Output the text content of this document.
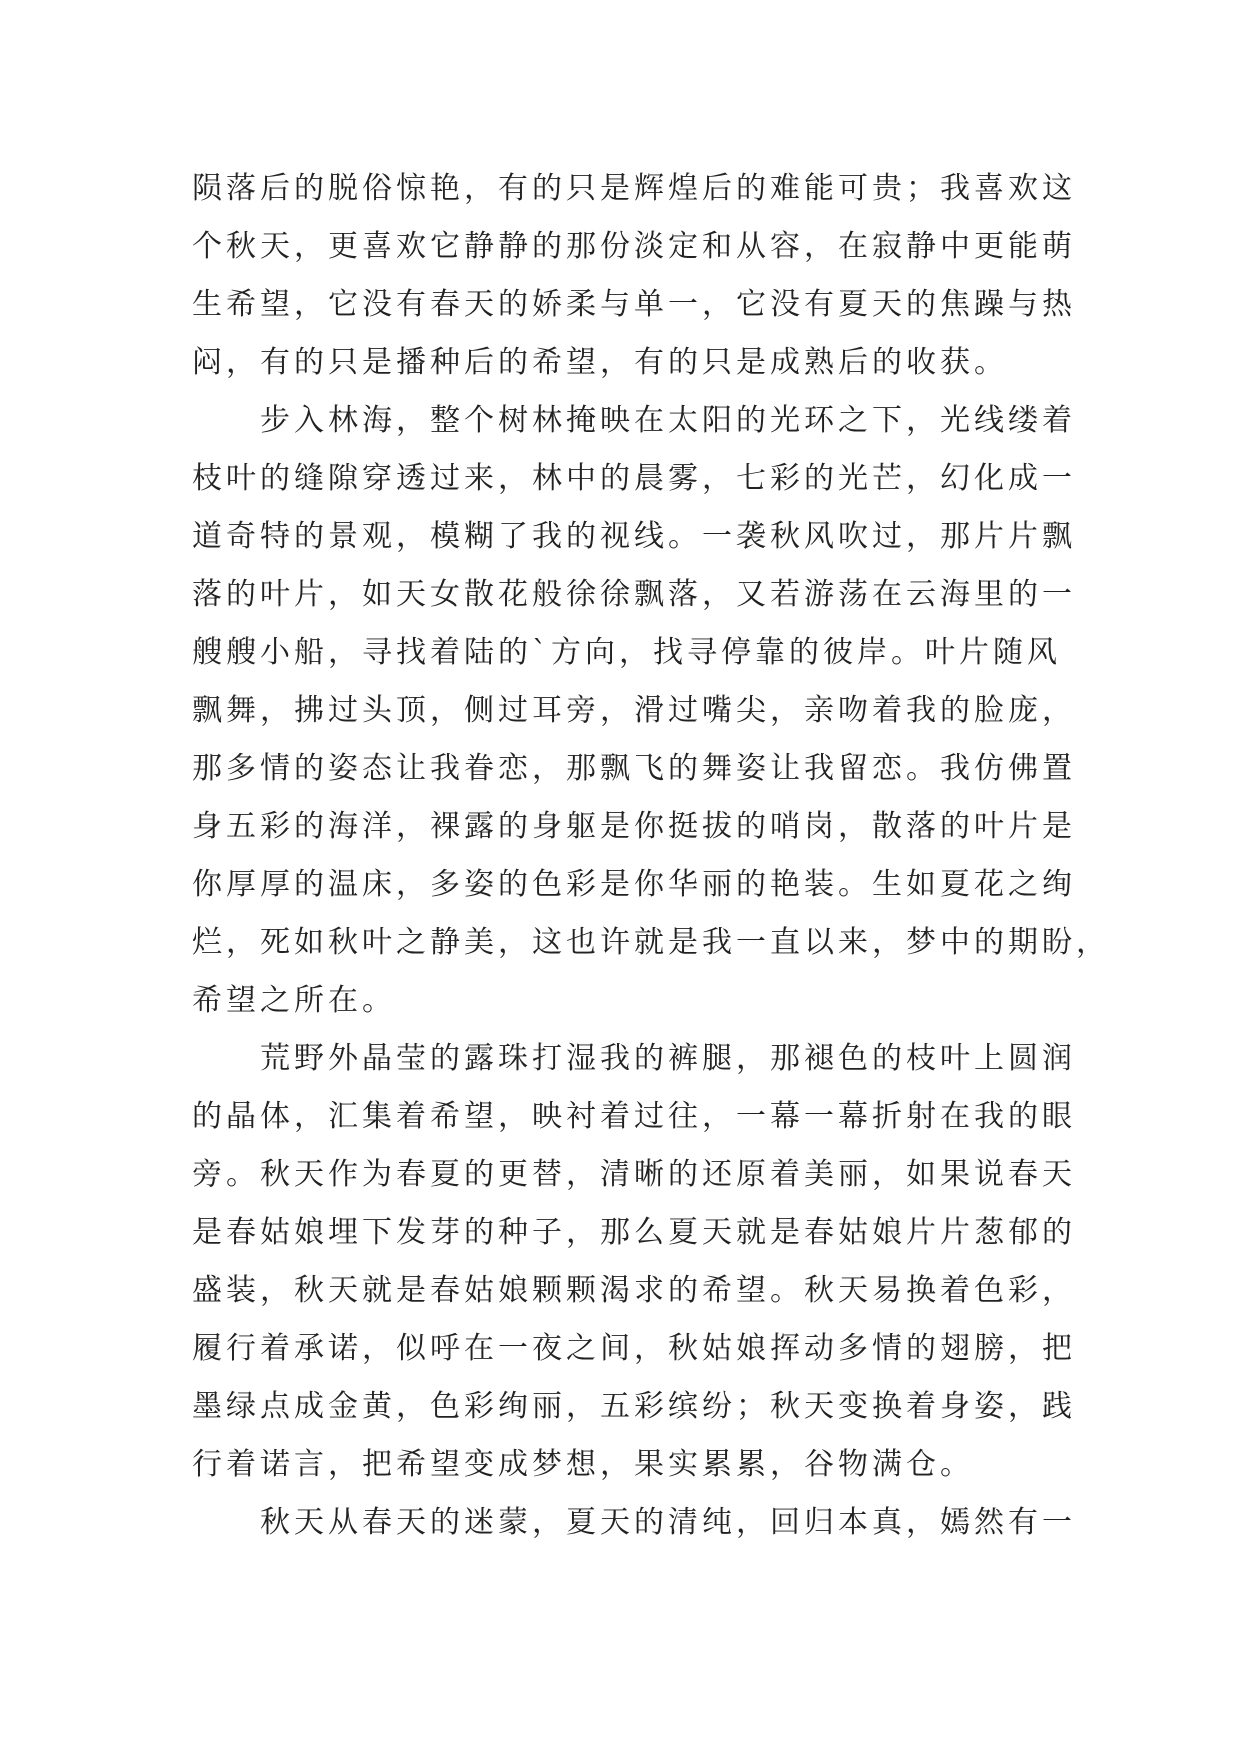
陨落后的脱俗惊艳，有的只是辉煌后的难能可贵；我喜欢这
个秋天，更喜欢它静静的那份淡定和从容，在寂静中更能萌
生希望，它没有春天的娇柔与单一，它没有夏天的焦躁与热
闷，有的只是播种后的希望，有的只是成熟后的收获。
步入林海，整个树林掩映在太阳的光环之下，光线缕着
枝叶的缝隙穿透过来，林中的晨雾，七彩的光芒，幻化成一
道奇特的景观，模糊了我的视线。一袭秋风吹过，那片片飘
落的叶片，如天女散花般徐徐飘落，又若游荡在云海里的一
艘艘小船，寻找着陆的`方向，找寻停靠的彼岸。叶片随风
飘舞，拂过头顶，侧过耳旁，滑过嘴尖，亲吻着我的脸庞，
那多情的姿态让我眷恋，那飘飞的舞姿让我留恋。我仿佛置
身五彩的海洋，裸露的身躯是你挺拔的哨岗，散落的叶片是
你厚厚的温床，多姿的色彩是你华丽的艳装。生如夏花之绚
烂，死如秋叶之静美，这也许就是我一直以来，梦中的期盼，
希望之所在。
荒野外晶莹的露珠打湿我的裤腿，那褪色的枝叶上圆润
的晶体，汇集着希望，映衬着过往，一幕一幕折射在我的眼
旁。秋天作为春夏的更替，清晰的还原着美丽，如果说春天
是春姑娘埋下发芽的种子，那么夏天就是春姑娘片片葱郁的
盛装，秋天就是春姑娘颗颗渴求的希望。秋天易换着色彩，
履行着承诺，似呼在一夜之间，秋姑娘挥动多情的翅膀，把
墨绿点成金黄，色彩绚丽，五彩缤纷；秋天变换着身姿，践
行着诺言，把希望变成梦想，果实累累，谷物满仓。
秋天从春天的迷蒙，夏天的清纯，回归本真，嫣然有一
